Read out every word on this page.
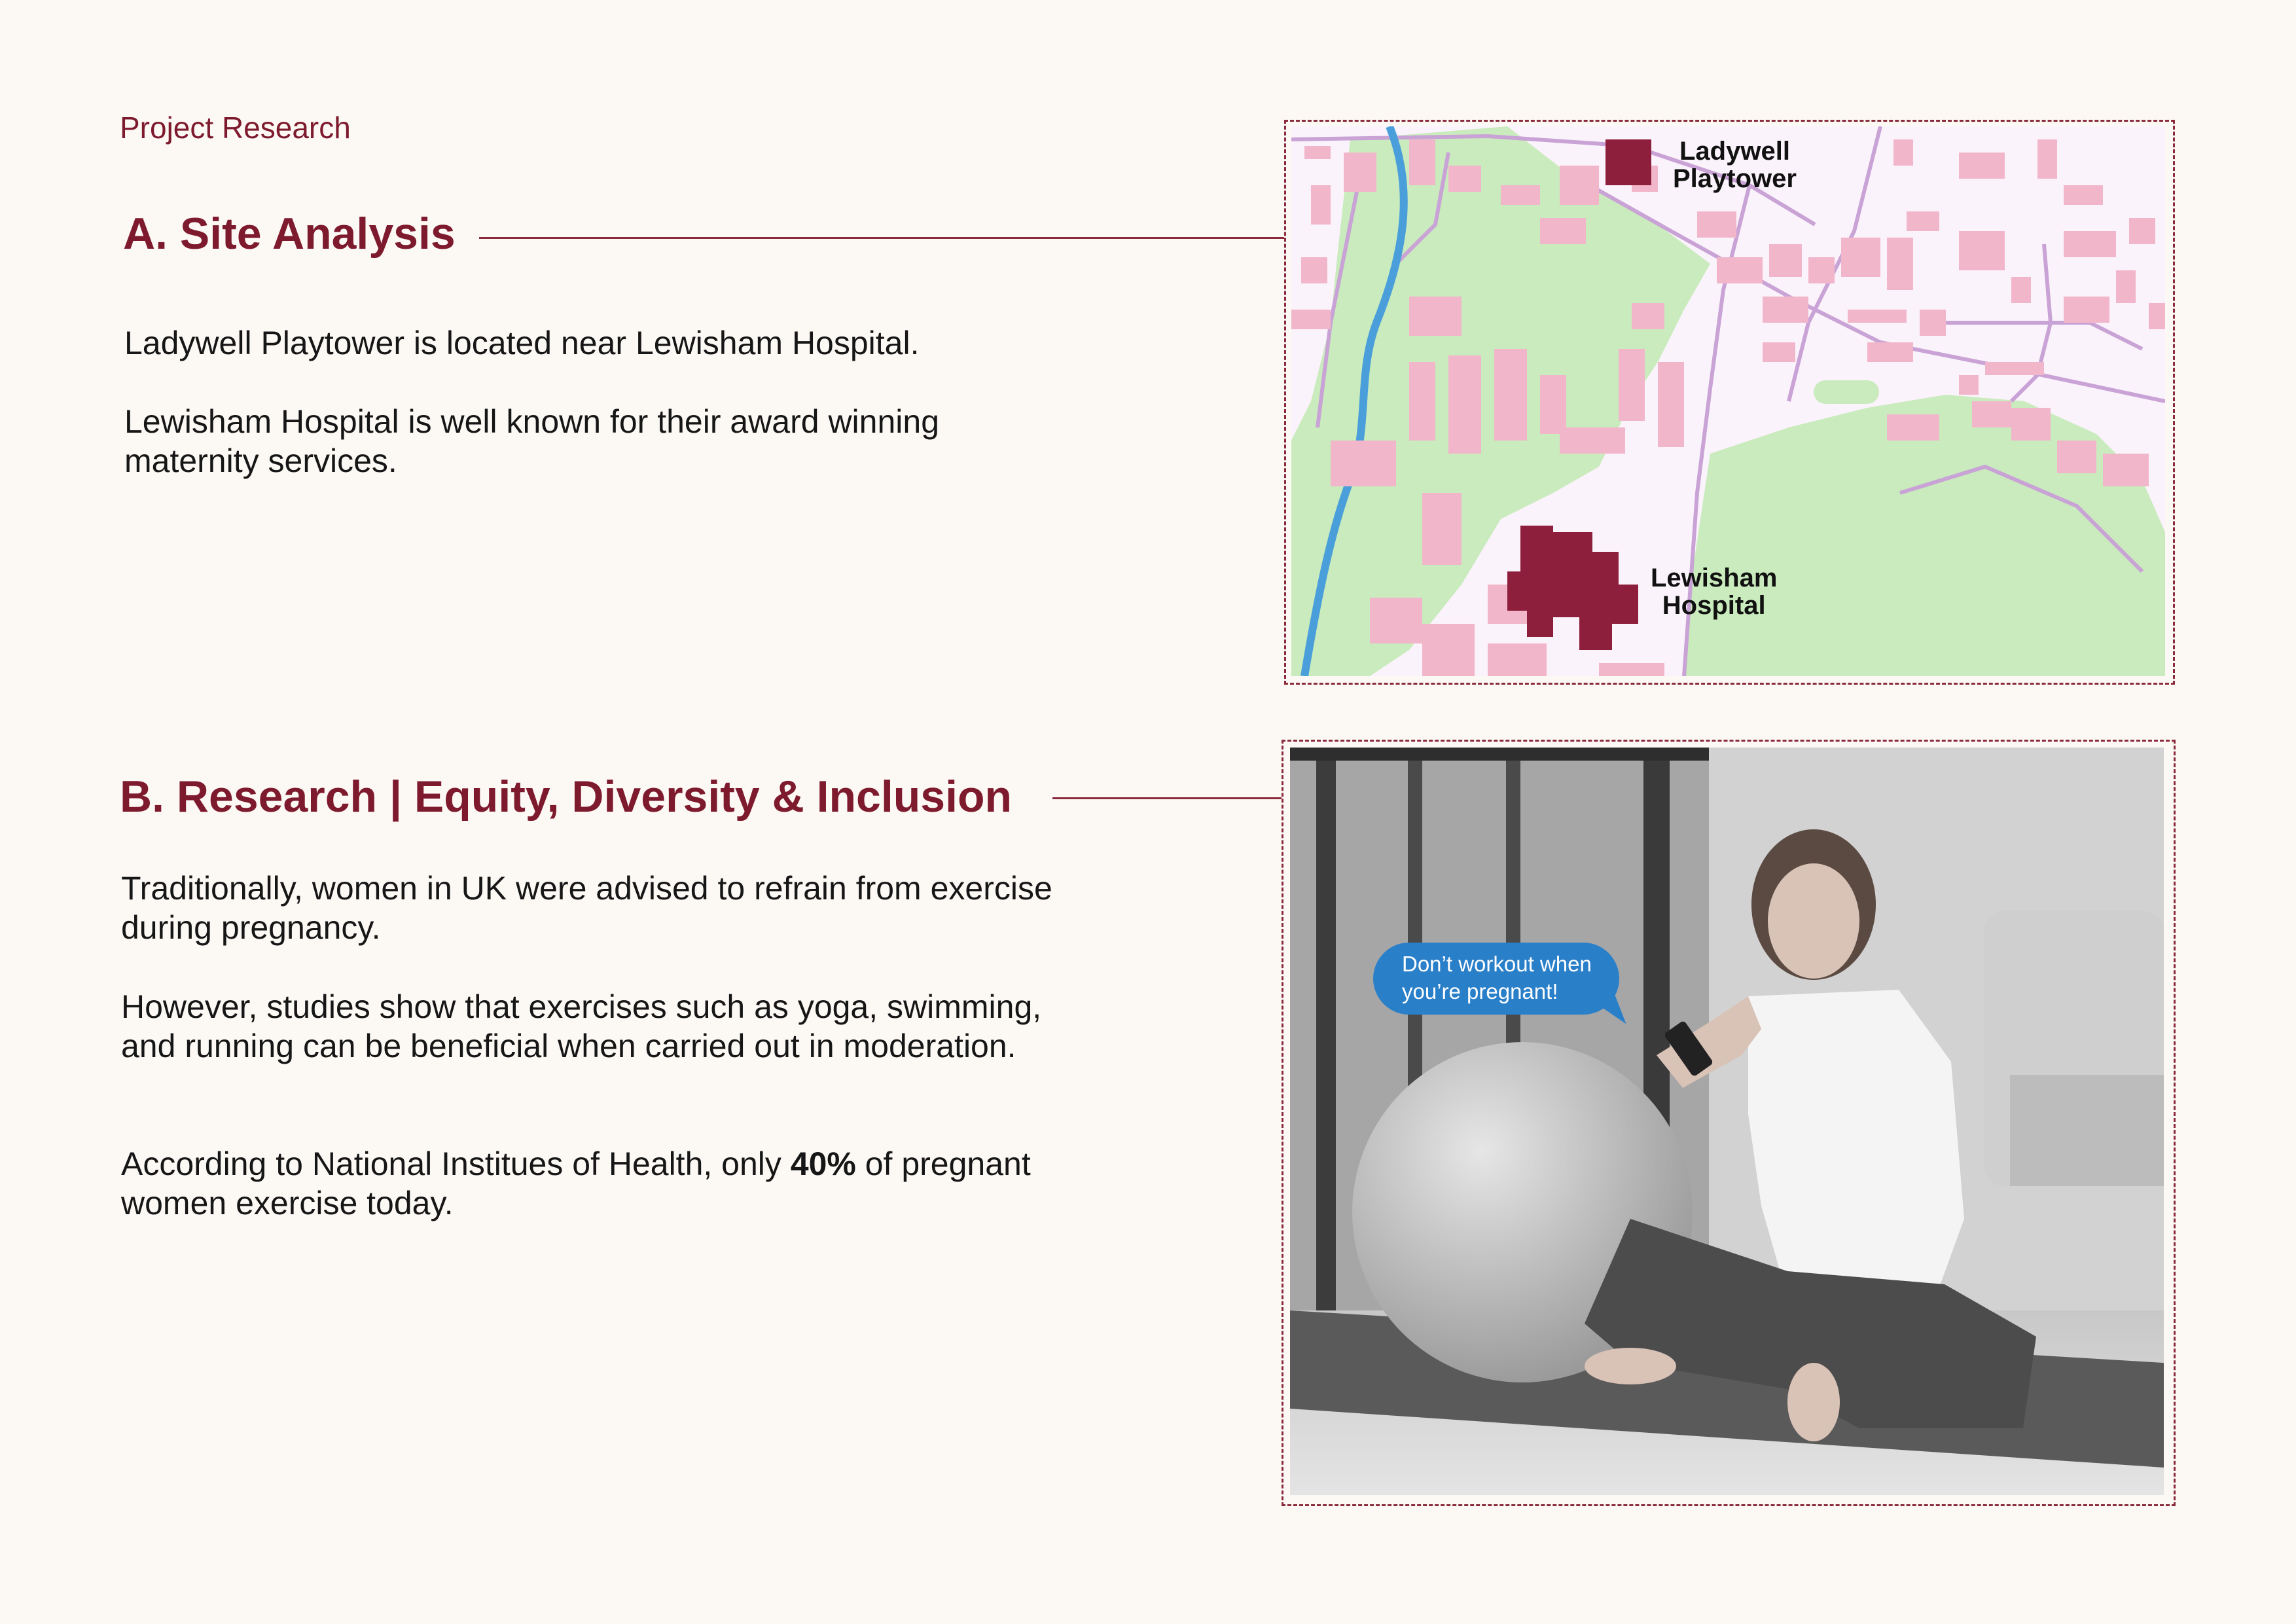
Project Research
A. Site Analysis

Ladywell Playtower is located near Lewisham Hospital.

Lewisham Hospital is well known for their award winning maternity services.

Ladywell
Playtower
Lewisham
Hospital
B. Research | Equity, Diversity & Inclusion

Traditionally, women in UK were advised to refrain from exercise during pregnancy.

However, studies show that exercises such as yoga, swimming, and running can be beneficial when carried out in moderation.

According to National Institues of Health, only 40% of pregnant women exercise today.

Don’t workout when
you’re pregnant!
